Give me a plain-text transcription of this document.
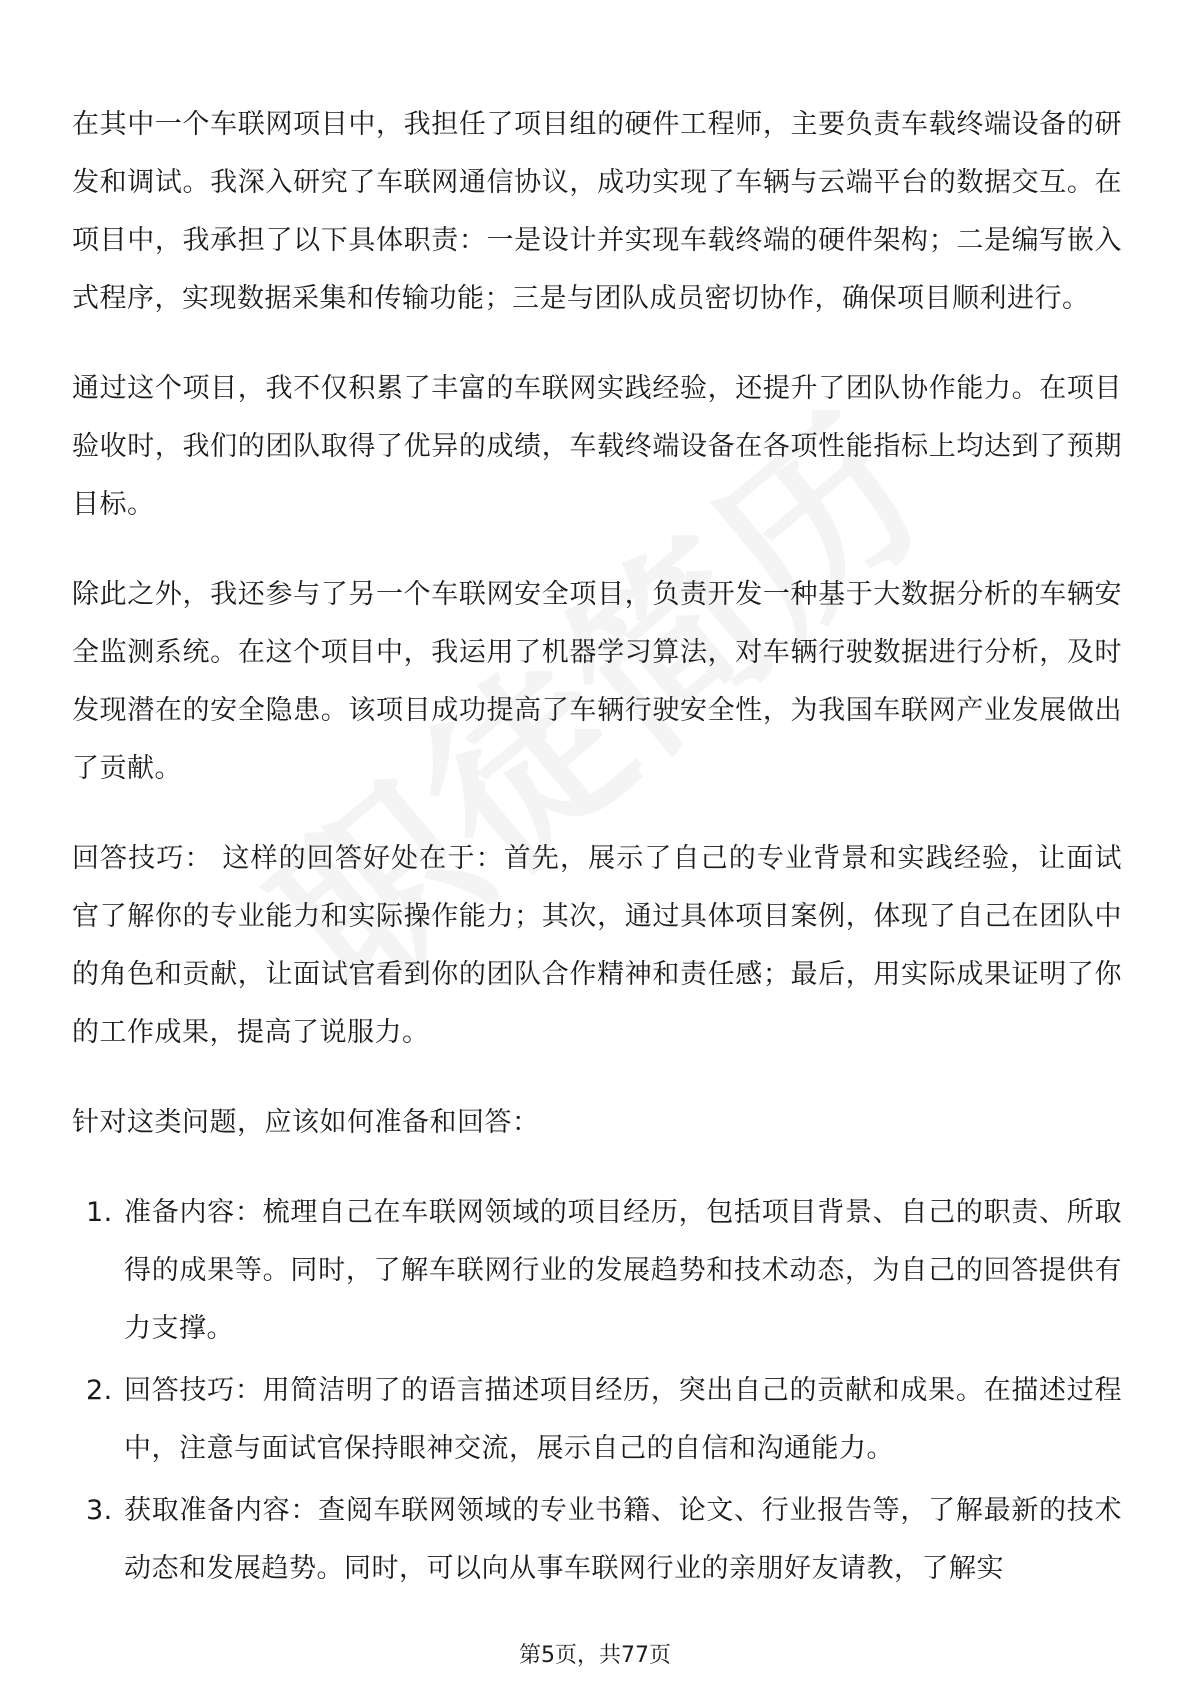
在其中一个车联网项目中，我担任了项目组的硬件工程师，主要负责车载终端设备的研发和调试。我深入研究了车联网通信协议，成功实现了车辆与云端平台的数据交互。在项目中，我承担了以下具体职责：一是设计并实现车载终端的硬件架构；二是编写嵌入式程序，实现数据采集和传输功能；三是与团队成员密切协作，确保项目顺利进行。

通过这个项目，我不仅积累了丰富的车联网实践经验，还提升了团队协作能力。在项目验收时，我们的团队取得了优异的成绩，车载终端设备在各项性能指标上均达到了预期目标。

除此之外，我还参与了另一个车联网安全项目，负责开发一种基于大数据分析的车辆安全监测系统。在这个项目中，我运用了机器学习算法，对车辆行驶数据进行分析，及时发现潜在的安全隐患。该项目成功提高了车辆行驶安全性，为我国车联网产业发展做出了贡献。

回答技巧： 这样的回答好处在于：首先，展示了自己的专业背景和实践经验，让面试官了解你的专业能力和实际操作能力；其次，通过具体项目案例，体现了自己在团队中的角色和贡献，让面试官看到你的团队合作精神和责任感；最后，用实际成果证明了你的工作成果，提高了说服力。

针对这类问题，应该如何准备和回答：

1. 准备内容：梳理自己在车联网领域的项目经历，包括项目背景、自己的职责、所取得的成果等。同时，了解车联网行业的发展趋势和技术动态，为自己的回答提供有力支撑。
2. 回答技巧：用简洁明了的语言描述项目经历，突出自己的贡献和成果。在描述过程中，注意与面试官保持眼神交流，展示自己的自信和沟通能力。
3. 获取准备内容：查阅车联网领域的专业书籍、论文、行业报告等，了解最新的技术动态和发展趋势。同时，可以向从事车联网行业的亲朋好友请教，了解实
第5页，共77页
